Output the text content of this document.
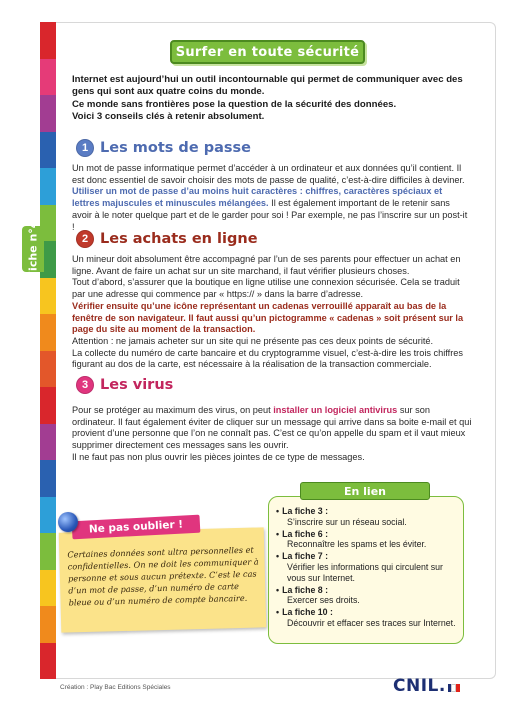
Fiche n°4
Surfer en toute sécurité

Internet est aujourd’hui un outil incontournable qui permet de communiquer avec des gens qui sont aux quatre coins du monde.

Ce monde sans frontières pose la question de la sécurité des données.

Voici 3 conseils clés à retenir absolument.

1 Les mots de passe

Un mot de passe informatique permet d’accéder à un ordinateur et aux données qu’il contient. Il est donc essentiel de savoir choisir des mots de passe de qualité, c’est-à-dire difficiles à deviner. Utiliser un mot de passe d’au moins huit caractères : chiffres, caractères spéciaux et lettres majuscules et minuscules mélangées. Il est également important de le retenir sans avoir à le noter quelque part et de le garder pour soi ! Par exemple, ne pas l’inscrire sur un post-it !

2 Les achats en ligne

Un mineur doit absolument être accompagné par l’un de ses parents pour effectuer un achat en ligne. Avant de faire un achat sur un site marchand, il faut vérifier plusieurs choses.

Tout d’abord, s’assurer que la boutique en ligne utilise une connexion sécurisée. Cela se traduit par une adresse qui commence par « https:// » dans la barre d’adresse.

Vérifier ensuite qu’une icône représentant un cadenas verrouillé apparaît au bas de la fenêtre de son navigateur. Il faut aussi qu’un pictogramme « cadenas » soit présent sur la page du site au moment de la transaction.

Attention : ne jamais acheter sur un site qui ne présente pas ces deux points de sécurité.

La collecte du numéro de carte bancaire et du cryptogramme visuel, c’est-à-dire les trois chiffres figurant au dos de la carte, est nécessaire à la réalisation de la transaction commerciale.

3 Les virus

Pour se protéger au maximum des virus, on peut installer un logiciel antivirus sur son ordinateur. Il faut également éviter de cliquer sur un message qui arrive dans sa boite e-mail et qui provient d’une personne que l’on ne connaît pas. C’est ce qu’on appelle du spam et il vaut mieux supprimer directement ces messages sans les ouvrir.

Il ne faut pas non plus ouvrir les pièces jointes de ce type de messages.

Ne pas oublier !
Certaines données sont ultra personnelles et confidentielles. On ne doit les communiquer à personne et sous aucun prétexte. C’est le cas d’un mot de passe, d’un numéro de carte bleue ou d’un numéro de compte bancaire.
En lien
• La fiche 3 :
S’inscrire sur un réseau social.
• La fiche 6 :
Reconnaître les spams et les éviter.
• La fiche 7 :
Vérifier les informations qui circulent sur vous sur Internet.
• La fiche 8 :
Exercer ses droits.
• La fiche 10 :
Découvrir et effacer ses traces sur Internet.
Création : Play Bac Editions Spéciales	CNIL.
